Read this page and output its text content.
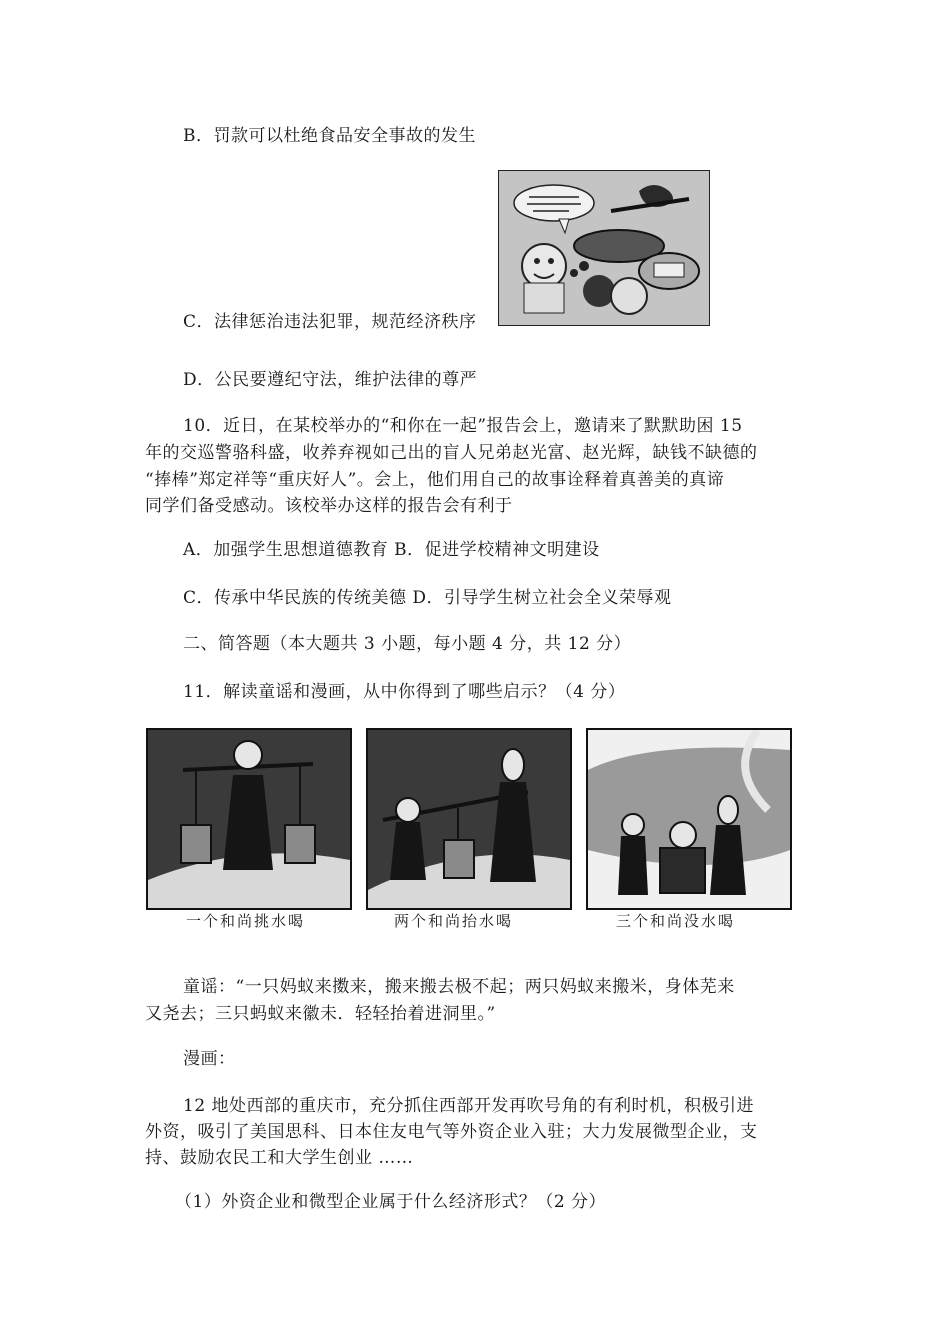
B．罚款可以杜绝食品安全事故的发生
C．法律惩治违法犯罪，规范经济秩序
D．公民要遵纪守法，维护法律的尊严
10．近日，在某校举办的“和你在一起”报告会上，邀请来了默默助困 15
年的交巡警骆科盛，收养弃视如己出的盲人兄弟赵光富、赵光辉，缺钱不缺德的
“捧棒”郑定祥等“重庆好人”。会上，他们用自己的故事诠释着真善美的真谛
同学们备受感动。该校举办这样的报告会有利于
A．加强学生思想道德教育 B．促进学校精神文明建设
C．传承中华民族的传统美德 D．引导学生树立社会全义荣辱观
二、简答题（本大题共 3 小题，每小题 4 分，共 12 分）
11．解读童谣和漫画，从中你得到了哪些启示？（4 分）
一个和尚挑水喝	两个和尚抬水喝	三个和尚没水喝
童谣：“一只妈蚁来擞来，搬来搬去极不起；两只妈蚁来搬米，身体芜来
又尧去；三只蚂蚁来徽未．轻轻抬着进洞里。”
漫画：
12 地处西部的重庆市，充分抓住西部开发再吹号角的有利时机，积极引进
外资，吸引了美国思科、日本住友电气等外资企业入驻；大力发展微型企业，支
持、鼓励农民工和大学生创业 ……
（1）外资企业和微型企业属于什么经济形式？（2 分）
